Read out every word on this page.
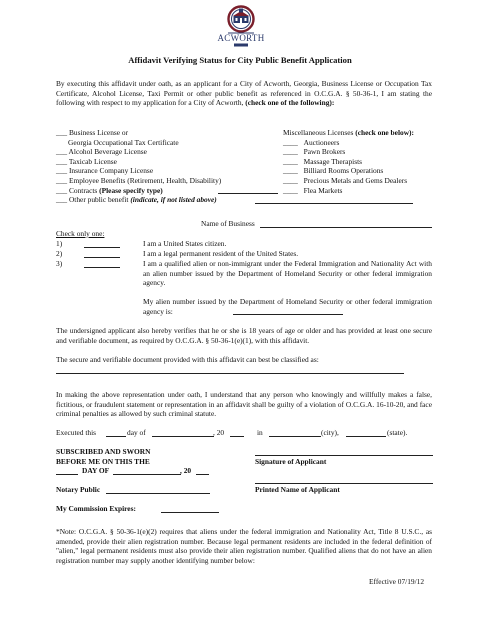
ACWORTH
Affidavit Verifying Status for City Public Benefit Application
By executing this affidavit under oath, as an applicant for a City of Acworth, Georgia, Business License or Occupation Tax Certificate, Alcohol License, Taxi Permit or other public benefit as referenced in O.C.G.A. § 50-36-1, I am stating the following with respect to my application for a City of Acworth, (check one of the following):
___ Business License or
Georgia Occupational Tax Certificate
___ Alcohol Beverage License
___ Taxicab License
___ Insurance Company License
___ Employee Benefits (Retirement, Health, Disability)
___ Contracts (Please specify type)
___ Other public benefit (indicate, if not listed above)
Miscellaneous Licenses (check one below):
____ Auctioneers
____ Pawn Brokers
____ Massage Therapists
____ Billiard Rooms Operations
____ Precious Metals and Gems Dealers
____ Flea Markets
Name of Business
Check only one:
1)	I am a United States citizen.
2)	I am a legal permanent resident of the United States.
3)	I am a qualified alien or non-immigrant under the Federal Immigration and Nationality Act with an alien number issued by the Department of Homeland Security or other federal immigration agency.
My alien number issued by the Department of Homeland Security or other federal immigration agency is:
The undersigned applicant also hereby verifies that he or she is 18 years of age or older and has provided at least one secure and verifiable document, as required by O.C.G.A. § 50-36-1(e)(1), with this affidavit.
The secure and verifiable document provided with this affidavit can best be classified as:
In making the above representation under oath, I understand that any person who knowingly and willfully makes a false, fictitious, or fraudulent statement or representation in an affidavit shall be guilty of a violation of O.C.G.A. 16-10-20, and face criminal penalties as allowed by such criminal statute.
Executed this	day of	, 20	in	(city),	(state).
SUBSCRIBED AND SWORN
BEFORE ME ON THIS THE
DAY OF	, 20
Signature of Applicant
Notary Public	Printed Name of Applicant
My Commission Expires:
*Note: O.C.G.A. § 50-36-1(e)(2) requires that aliens under the federal immigration and Nationality Act, Title 8 U.S.C., as amended, provide their alien registration number. Because legal permanent residents are included in the federal definition of "alien," legal permanent residents must also provide their alien registration number. Qualified aliens that do not have an alien registration number may supply another identifying number below:
Effective 07/19/12
